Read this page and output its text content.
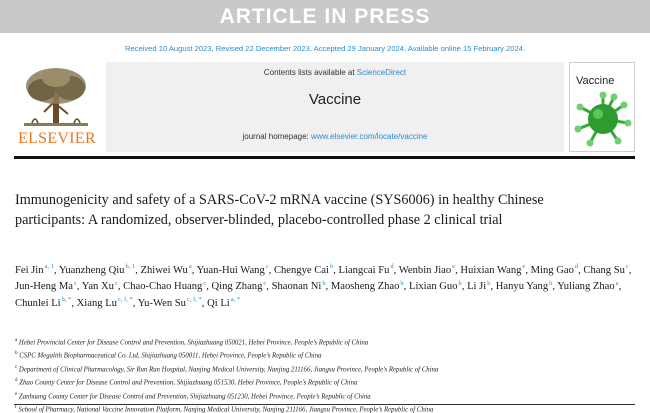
ARTICLE IN PRESS
Received 10 August 2023, Revised 22 December 2023, Accepted 29 January 2024, Available online 15 February 2024.
ELSEVIER
Contents lists available at ScienceDirect
Vaccine
journal homepage: www.elsevier.com/locate/vaccine
Vaccine
Immunogenicity and safety of a SARS-CoV-2 mRNA vaccine (SYS6006) in healthy Chinese participants: A randomized, observer-blinded, placebo-controlled phase 2 clinical trial
Fei Jin$^{a, 1}$, Yuanzheng Qiu$^{b, 1}$, Zhiwei Wu$^a$, Yuan-Hui Wang$^c$, Chengye Cai$^b$, Liangcai Fu$^d$, Wenbin Jiao$^e$, Huixian Wang$^e$, Ming Gao$^d$, Chang Su$^c$, Jun-Heng Ma$^c$, Yan Xu$^c$, Chao-Chao Huang$^c$, Qing Zhang$^c$, Shaonan Ni$^b$, Maosheng Zhao$^b$, Lixian Guo$^b$, Li Ji$^b$, Hanyu Yang$^b$, Yuliang Zhao$^a$, Chunlei $Li^{b, *}$, Xiang $Lu^{c, f, *}$, Yu-Wen $Su^{c, f, *}$, Qi $Li^{a, *}$
$^a$ Hebei Provincial Center for Disease Control and Prevention, Shijiazhuang 050021, Hebei Province, People’s Republic of China
$^b$ CSPC Megalith Biopharmaceutical Co. Ltd, Shijiazhuang 050011, Hebei Province, People’s Republic of China
$^c$ Department of Clinical Pharmacology, Sir Run Run Hospital, Nanjing Medical University, Nanjing 211166, Jiangsu Province, People’s Republic of China
$^d$ Zhao County Center for Disease Control and Prevention, Shijiazhuang 051530, Hebei Province, People’s Republic of China
$^e$ Zanhuang County Center for Disease Control and Prevention, Shijiazhuang 051230, Hebei Province, People’s Republic of China
$^f$ School of Pharmacy, National Vaccine Innovation Platform, Nanjing Medical University, Nanjing 211166, Jiangsu Province, People’s Republic of China
